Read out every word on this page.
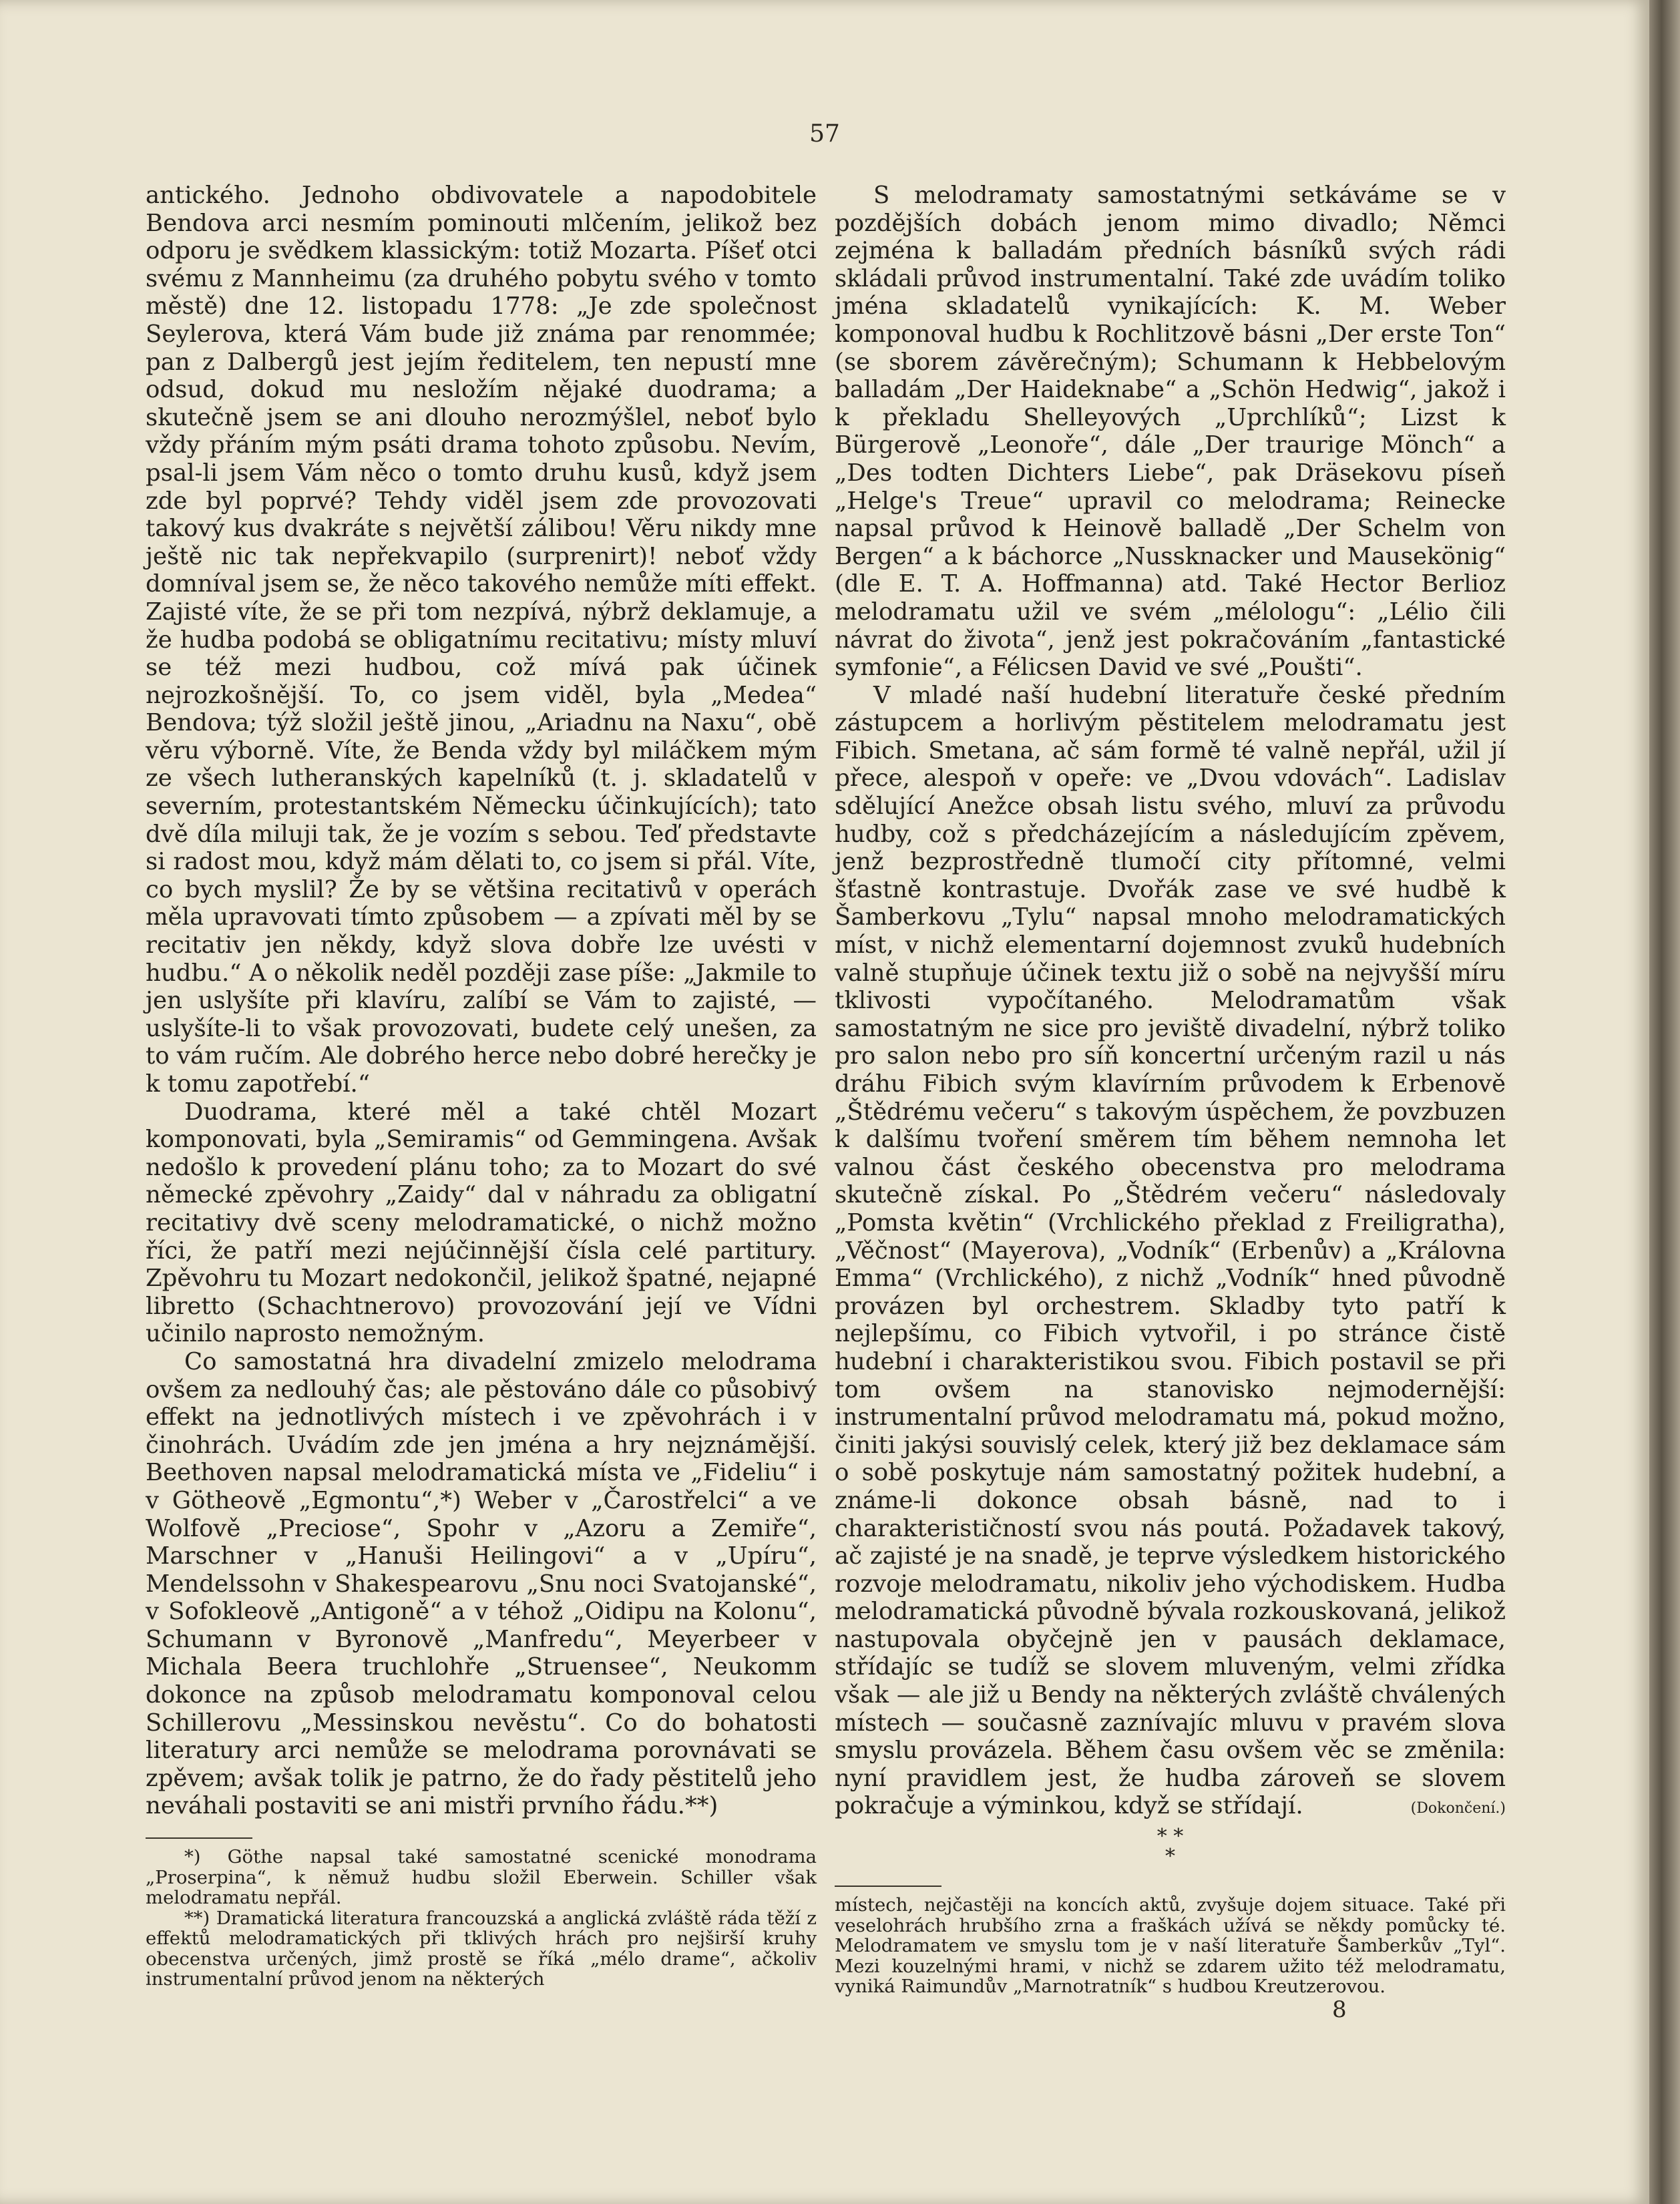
57

antického. Jednoho obdivovatele a napodobitele Bendova arci nesmím pominouti mlčením, jelikož bez odporu je svědkem klassickým: totiž Mozarta. Píšeť otci svému z Mannheimu (za druhého pobytu svého v tomto městě) dne 12. listopadu 1778: „Je zde společnost Seylerova, která Vám bude již známa par renommée; pan z Dalbergů jest jejím ředitelem, ten nepustí mne odsud, dokud mu nesložím nějaké duodrama; a skutečně jsem se ani dlouho nerozmýšlel, neboť bylo vždy přáním mým psáti drama tohoto způsobu. Nevím, psal-li jsem Vám něco o tomto druhu kusů, když jsem zde byl poprvé? Tehdy viděl jsem zde provozovati takový kus dvakráte s největší zálibou! Věru nikdy mne ještě nic tak nepřekvapilo (surprenirt)! neboť vždy domníval jsem se, že něco takového nemůže míti effekt. Zajisté víte, že se při tom nezpívá, nýbrž deklamuje, a že hudba podobá se obligatnímu recitativu; místy mluví se též mezi hudbou, což mívá pak účinek nejrozkošnější. To, co jsem viděl, byla „Medea“ Bendova; týž složil ještě jinou, „Ariadnu na Naxu“, obě věru výborně. Víte, že Benda vždy byl miláčkem mým ze všech lutheranských kapelníků (t. j. skladatelů v severním, protestantském Německu účinkujících); tato dvě díla miluji tak, že je vozím s sebou. Teď představte si radost mou, když mám dělati to, co jsem si přál. Víte, co bych myslil? Že by se většina recitativů v operách měla upravovati tímto způsobem — a zpívati měl by se recitativ jen někdy, když slova dobře lze uvésti v hudbu.“ A o několik neděl později zase píše: „Jakmile to jen uslyšíte při klavíru, zalíbí se Vám to zajisté, — uslyšíte-li to však provozovati, budete celý unešen, za to vám ručím. Ale dobrého herce nebo dobré herečky je k tomu zapotřebí.“

Duodrama, které měl a také chtěl Mozart komponovati, byla „Semiramis“ od Gemmingena. Avšak nedošlo k provedení plánu toho; za to Mozart do své německé zpěvohry „Zaidy“ dal v náhradu za obligatní recitativy dvě sceny melodramatické, o nichž možno říci, že patří mezi nejúčinnější čísla celé partitury. Zpěvohru tu Mozart nedokončil, jelikož špatné, nejapné libretto (Schachtnerovo) provozování její ve Vídni učinilo naprosto nemožným.

Co samostatná hra divadelní zmizelo melodrama ovšem za nedlouhý čas; ale pěstováno dále co působivý effekt na jednotlivých místech i ve zpěvohrách i v činohrách. Uvádím zde jen jména a hry nejznámější. Beethoven napsal melodramatická místa ve „Fideliu“ i v Götheově „Egmontu“,*) Weber v „Čarostřelci“ a ve Wolfově „Preciose“, Spohr v „Azoru a Zemiře“, Marschner v „Hanuši Heilingovi“ a v „Upíru“, Mendelssohn v Shakespearovu „Snu noci Svatojanské“, v Sofokleově „Antigoně“ a v téhož „Oidipu na Kolonu“, Schumann v Byronově „Manfredu“, Meyerbeer v Michala Beera truchlohře „Struensee“, Neukomm dokonce na způsob melodramatu komponoval celou Schillerovu „Messinskou nevěstu“. Co do bohatosti literatury arci nemůže se melodrama porovnávati se zpěvem; avšak tolik je patrno, že do řady pěstitelů jeho neváhali postaviti se ani mistři prvního řádu.**)

*) Göthe napsal také samostatné scenické monodrama „Proserpina“, k němuž hudbu složil Eberwein. Schiller však melodramatu nepřál.

**) Dramatická literatura francouzská a anglická zvláště ráda těží z effektů melodramatických při tklivých hrách pro nejširší kruhy obecenstva určených, jimž prostě se říká „mélo drame“, ačkoliv instrumentalní průvod jenom na některých

S melodramaty samostatnými setkáváme se v pozdějších dobách jenom mimo divadlo; Němci zejména k balladám předních básníků svých rádi skládali průvod instrumentalní. Také zde uvádím toliko jména skladatelů vynikajících: K. M. Weber komponoval hudbu k Rochlitzově básni „Der erste Ton“ (se sborem závěrečným); Schumann k Hebbelovým balladám „Der Haideknabe“ a „Schön Hedwig“, jakož i k překladu Shelleyových „Uprchlíků“; Lizst k Bürgerově „Leonoře“, dále „Der traurige Mönch“ a „Des todten Dichters Liebe“, pak Dräsekovu píseň „Helge's Treue“ upravil co melodrama; Reinecke napsal průvod k Heinově balladě „Der Schelm von Bergen“ a k báchorce „Nussknacker und Mausekönig“ (dle E. T. A. Hoffmanna) atd. Také Hector Berlioz melodramatu užil ve svém „mélologu“: „Lélio čili návrat do života“, jenž jest pokračováním „fantastické symfonie“, a Félicsen David ve své „Poušti“.

V mladé naší hudební literatuře české předním zástupcem a horlivým pěstitelem melodramatu jest Fibich. Smetana, ač sám formě té valně nepřál, užil jí přece, alespoň v opeře: ve „Dvou vdovách“. Ladislav sdělující Anežce obsah listu svého, mluví za průvodu hudby, což s předcházejícím a následujícím zpěvem, jenž bezprostředně tlumočí city přítomné, velmi šťastně kontrastuje. Dvořák zase ve své hudbě k Šamberkovu „Tylu“ napsal mnoho melodramatických míst, v nichž elementarní dojemnost zvuků hudebních valně stupňuje účinek textu již o sobě na nejvyšší míru tklivosti vypočítaného. Melodramatům však samostatným ne sice pro jeviště divadelní, nýbrž toliko pro salon nebo pro síň koncertní určeným razil u nás dráhu Fibich svým klavírním průvodem k Erbenově „Štědrému večeru“ s takovým úspěchem, že povzbuzen k dalšímu tvoření směrem tím během nemnoha let valnou část českého obecenstva pro melodrama skutečně získal. Po „Štědrém večeru“ následovaly „Pomsta květin“ (Vrchlického překlad z Freiligratha), „Věčnost“ (Mayerova), „Vodník“ (Erbenův) a „Královna Emma“ (Vrchlického), z nichž „Vodník“ hned původně provázen byl orchestrem. Skladby tyto patří k nejlepšímu, co Fibich vytvořil, i po stránce čistě hudební i charakteristikou svou. Fibich postavil se při tom ovšem na stanovisko nejmodernější: instrumentalní průvod melodramatu má, pokud možno, činiti jakýsi souvislý celek, který již bez deklamace sám o sobě poskytuje nám samostatný požitek hudební, a známe-li dokonce obsah básně, nad to i charakterističností svou nás poutá. Požadavek takový, ač zajisté je na snadě, je teprve výsledkem historického rozvoje melodramatu, nikoliv jeho východiskem. Hudba melodramatická původně bývala rozkouskovaná, jelikož nastupovala obyčejně jen v pausách deklamace, střídajíc se tudíž se slovem mluveným, velmi zřídka však — ale již u Bendy na některých zvláště chválených místech — současně zaznívajíc mluvu v pravém slova smyslu provázela. Během času ovšem věc se změnila: nyní pravidlem jest, že hudba zároveň se slovem pokračuje a výminkou, když se střídají.	(Dokončení.)
* *
*

místech, nejčastěji na koncích aktů, zvyšuje dojem situace. Také při veselohrách hrubšího zrna a fraškách užívá se někdy pomůcky té. Melodramatem ve smyslu tom je v naší literatuře Šamberkův „Tyl“. Mezi kouzelnými hrami, v nichž se zdarem užito též melodramatu, vyniká Raimundův „Marnotratník“ s hudbou Kreutzerovou.

8
